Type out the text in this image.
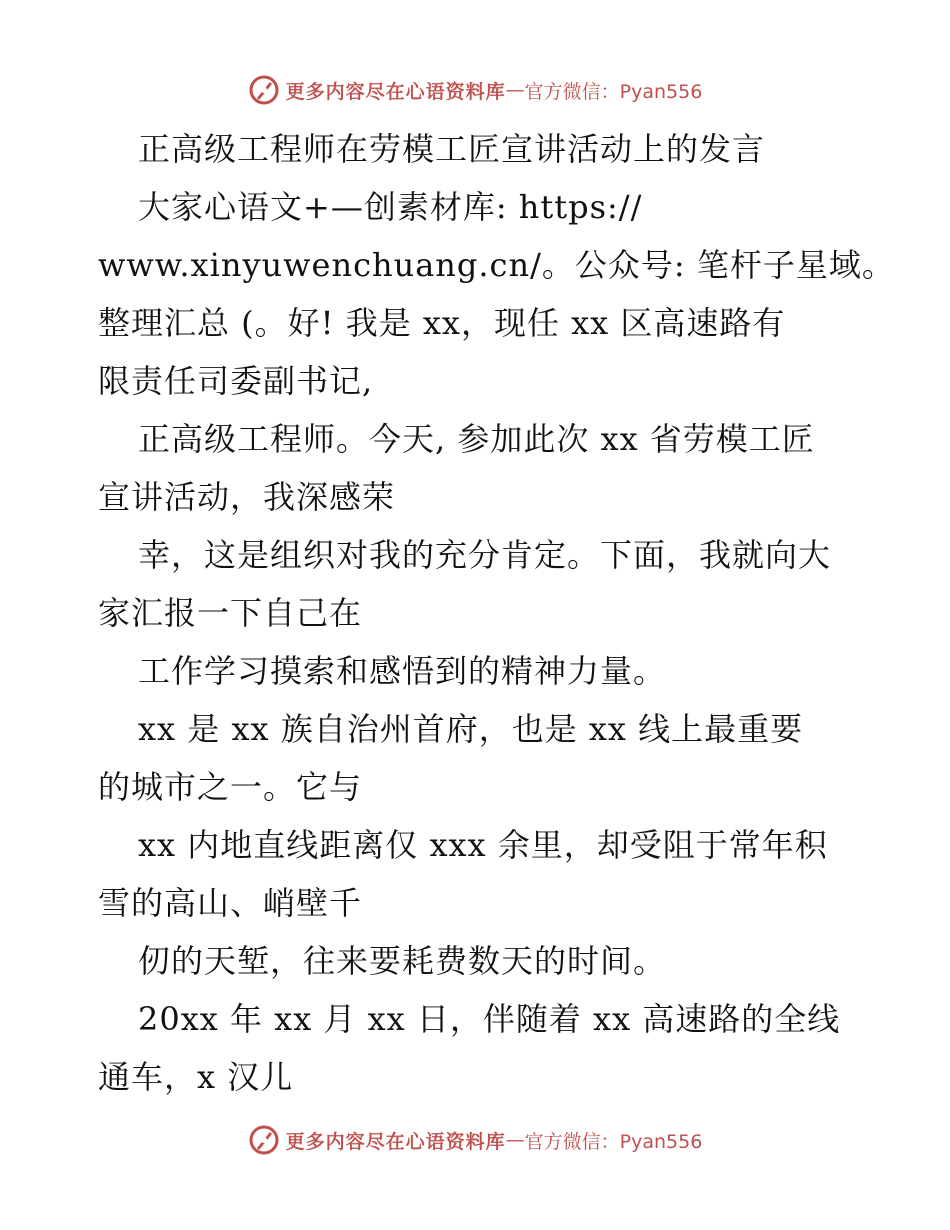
更多内容尽在心语资料库 — 官方微信：Pyan556
正高级工程师在劳模工匠宣讲活动上的发言
大家心语文+—创素材库: https://
www.xinyuwenchuang.cn/。公众号: 笔杆子星域。
整理汇总 (。好! 我是 xx，现任 xx 区高速路有
限责任司委副书记,
正高级工程师。今天, 参加此次 xx 省劳模工匠
宣讲活动，我深感荣
幸，这是组织对我的充分肯定。下面，我就向大
家汇报一下自己在
工作学习摸索和感悟到的精神力量。
xx 是 xx 族自治州首府，也是 xx 线上最重要
的城市之一。它与
xx 内地直线距离仅 xxx 余里，却受阻于常年积
雪的高山、峭壁千
仞的天堑，往来要耗费数天的时间。
20xx 年 xx 月 xx 日，伴随着 xx 高速路的全线
通车，x 汉儿
更多内容尽在心语资料库 — 官方微信：Pyan556
